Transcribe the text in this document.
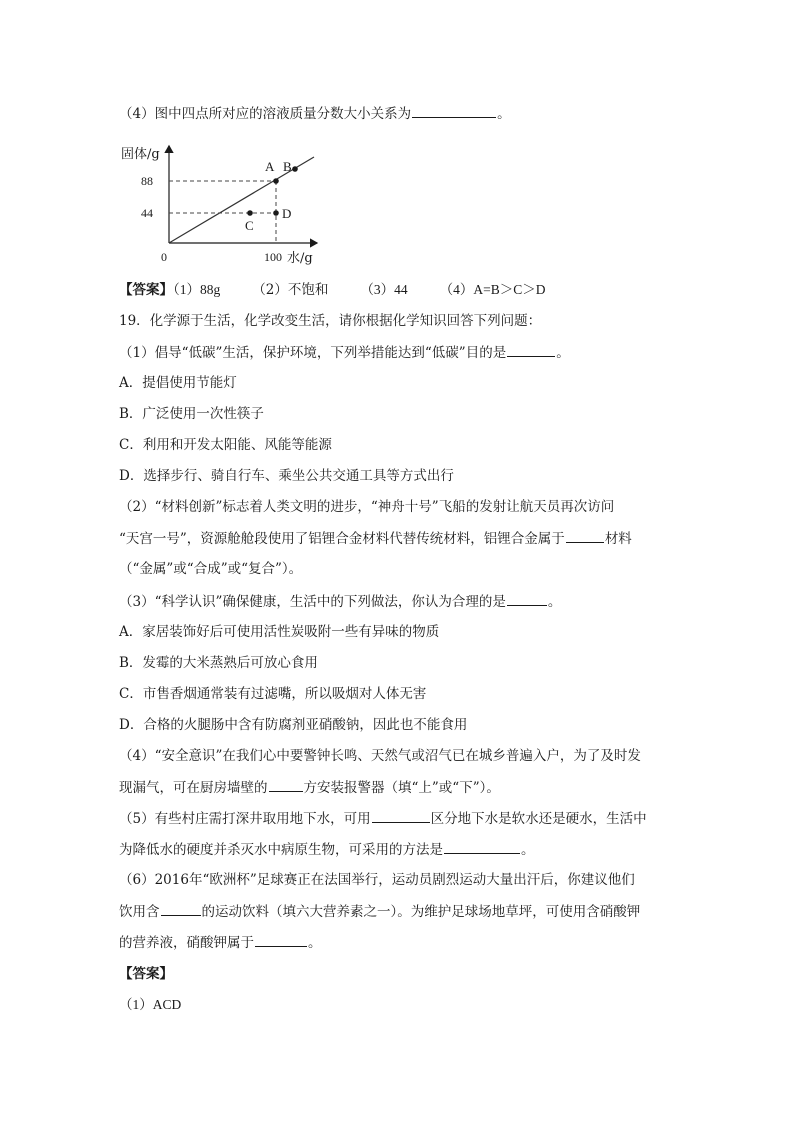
（4）图中四点所对应的溶液质量分数大小关系为	。
固体/g
88
44
0	100 水/g
A B
C
D
【答案】（1）88g （2）不饱和 （3）44 （4）A=B＞C＞D
19．化学源于生活，化学改变生活，请你根据化学知识回答下列问题：
（1）倡导“低碳”生活，保护环境，下列举措能达到“低碳”目的是	。
A．提倡使用节能灯
B．广泛使用一次性筷子
C．利用和开发太阳能、风能等能源
D．选择步行、骑自行车、乘坐公共交通工具等方式出行
（2）“材料创新”标志着人类文明的进步，“神舟十号”飞船的发射让航天员再次访问
“天宫一号”，资源舱舱段使用了铝锂合金材料代替传统材料，铝锂合金属于	材料
（“金属”或“合成”或“复合”）。
（3）“科学认识”确保健康，生活中的下列做法，你认为合理的是	。
A．家居装饰好后可使用活性炭吸附一些有异味的物质
B．发霉的大米蒸熟后可放心食用
C．市售香烟通常装有过滤嘴，所以吸烟对人体无害
D．合格的火腿肠中含有防腐剂亚硝酸钠，因此也不能食用
（4）“安全意识”在我们心中要警钟长鸣、天然气或沼气已在城乡普遍入户，为了及时发
现漏气，可在厨房墙壁的	方安装报警器（填“上”或“下”）。
（5）有些村庄需打深井取用地下水，可用	区分地下水是软水还是硬水，生活中
为降低水的硬度并杀灭水中病原生物，可采用的方法是	。
（6）2016年“欧洲杯”足球赛正在法国举行，运动员剧烈运动大量出汗后，你建议他们
饮用含	的运动饮料（填六大营养素之一）。为维护足球场地草坪，可使用含硝酸钾
的营养液，硝酸钾属于	。
【答案】
（1）ACD
